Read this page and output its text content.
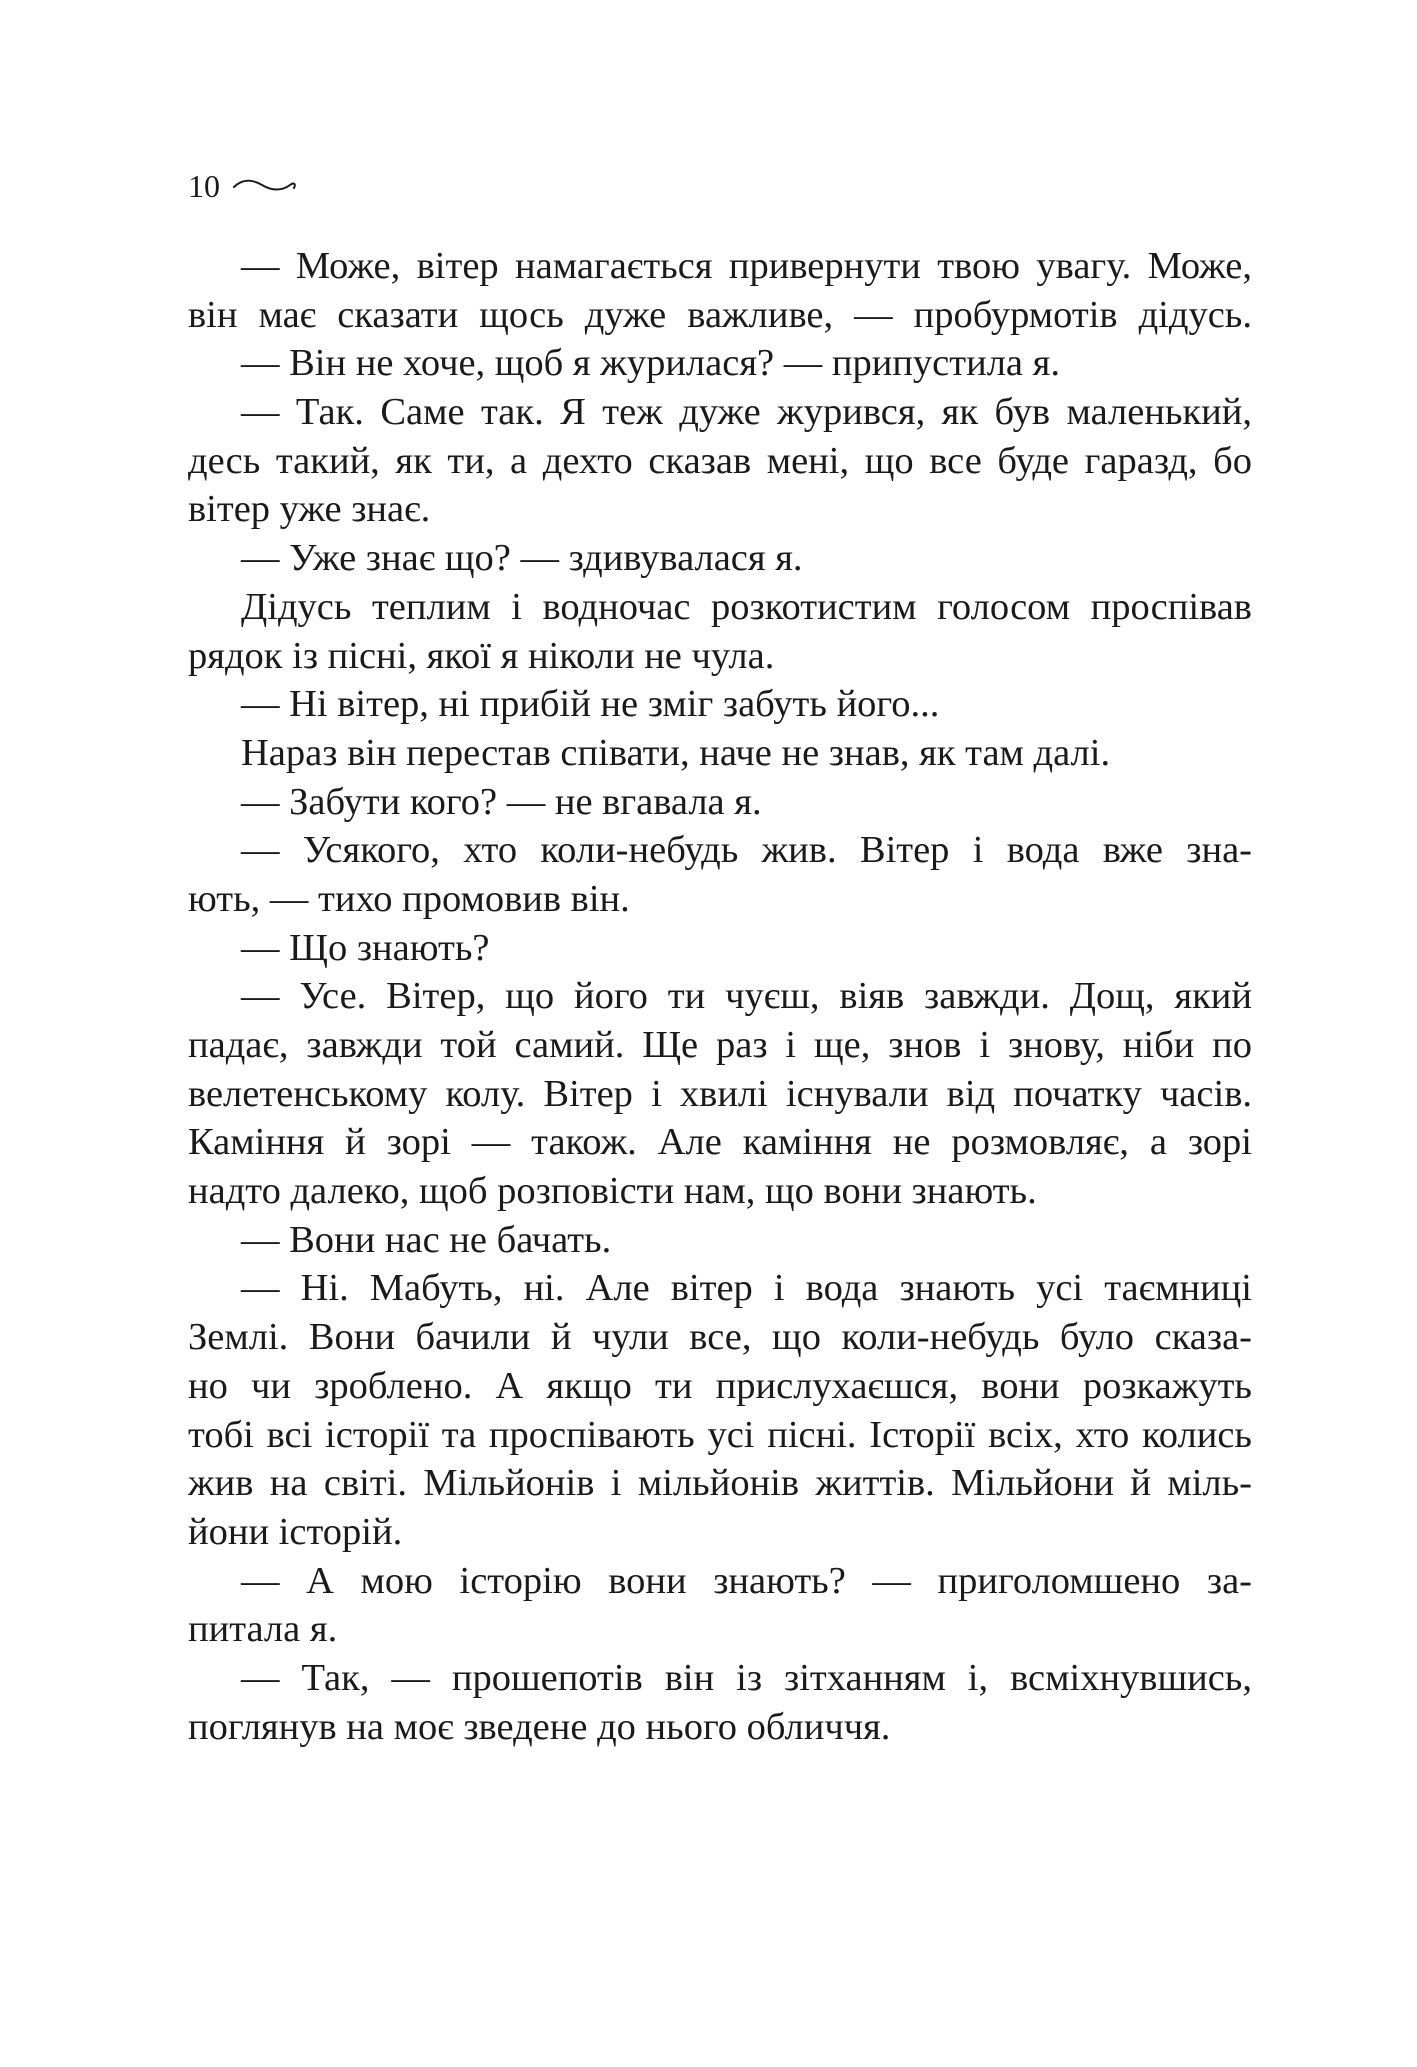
10
— Може, вітер намагається привернути твою увагу. Може,
він має сказати щось дуже важливе, — пробурмотів дідусь.
— Він не хоче, щоб я журилася? — припустила я.
— Так. Саме так. Я теж дуже журився, як був маленький,
десь такий, як ти, а дехто сказав мені, що все буде гаразд, бо
вітер уже знає.
— Уже знає що? — здивувалася я.
Дідусь теплим і водночас розкотистим голосом проспівав
рядок із пісні, якої я ніколи не чула.
— Ні вітер, ні прибій не зміг забуть його...
Нараз він перестав співати, наче не знав, як там далі.
— Забути кого? — не вгавала я.
— Усякого, хто коли-небудь жив. Вітер і вода вже зна-
ють, — тихо промовив він.
— Що знають?
— Усе. Вітер, що його ти чуєш, віяв завжди. Дощ, який
падає, завжди той самий. Ще раз і ще, знов і знову, ніби по
велетенському колу. Вітер і хвилі існували від початку часів.
Каміння й зорі — також. Але каміння не розмовляє, а зорі
надто далеко, щоб розповісти нам, що вони знають.
— Вони нас не бачать.
— Ні. Мабуть, ні. Але вітер і вода знають усі таємниці
Землі. Вони бачили й чули все, що коли-небудь було сказа-
но чи зроблено. А якщо ти прислухаєшся, вони розкажуть
тобі всі історії та проспівають усі пісні. Історії всіх, хто колись
жив на світі. Мільйонів і мільйонів життів. Мільйони й міль-
йони історій.
— А мою історію вони знають? — приголомшено за-
питала я.
— Так, — прошепотів він із зітханням і, всміхнувшись,
поглянув на моє зведене до нього обличчя.
